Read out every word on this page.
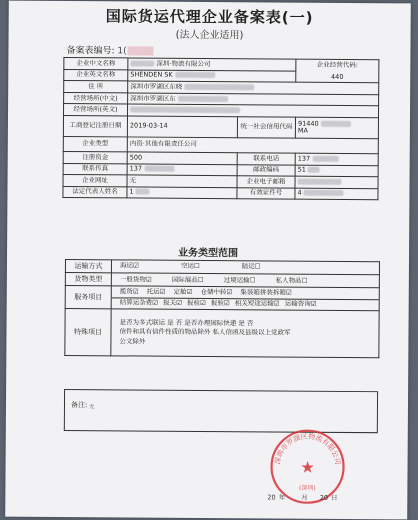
国际货运代理企业备案表(一)
(法人企业适用)
备案表编号: 1(
企业中文名称	深圳·物流有限公司		企业经营代码:
440

企业英文名称	SHENDEN SK		
住 所	深圳市罗湖区东晓		
经营场所(中文)	深圳市罗湖区东		
经营场所(英文)			
工商登记注册日期	2019-03-14	统一社会信用代码	91440
MA
企业类型	内资·其他有限责任公司		
注册资金	500	联系电话	137
联系传真	137	邮政编码	51
企业网址	无	企业电子邮箱	
法定代表人姓名	1	有效证件号	4
业务类型范围
运输方式	海运☑ 空运☐ 陆运☐
货物类型	一般货物☑ 国际展品☐ 过境运输☐ 私人物品☐
服务项目	揽货☑ 托运☑ 定舱☑ 仓储中转☑ 集装箱拼装拆箱☑
结算运杂费☑ 报关☑ 报检☑ 报验☑ 相关短途运输☑ 运输咨询☑

特殊项目	是否为多式联运 是 否 是否办理国际快递 是 否
信件和具有信件性质的物品除外 私人信函及县级以上党政军
公文除外
备注: 无
深圳市罗湖区物流有限公司
★
(深圳)
20 年 月 20 日
